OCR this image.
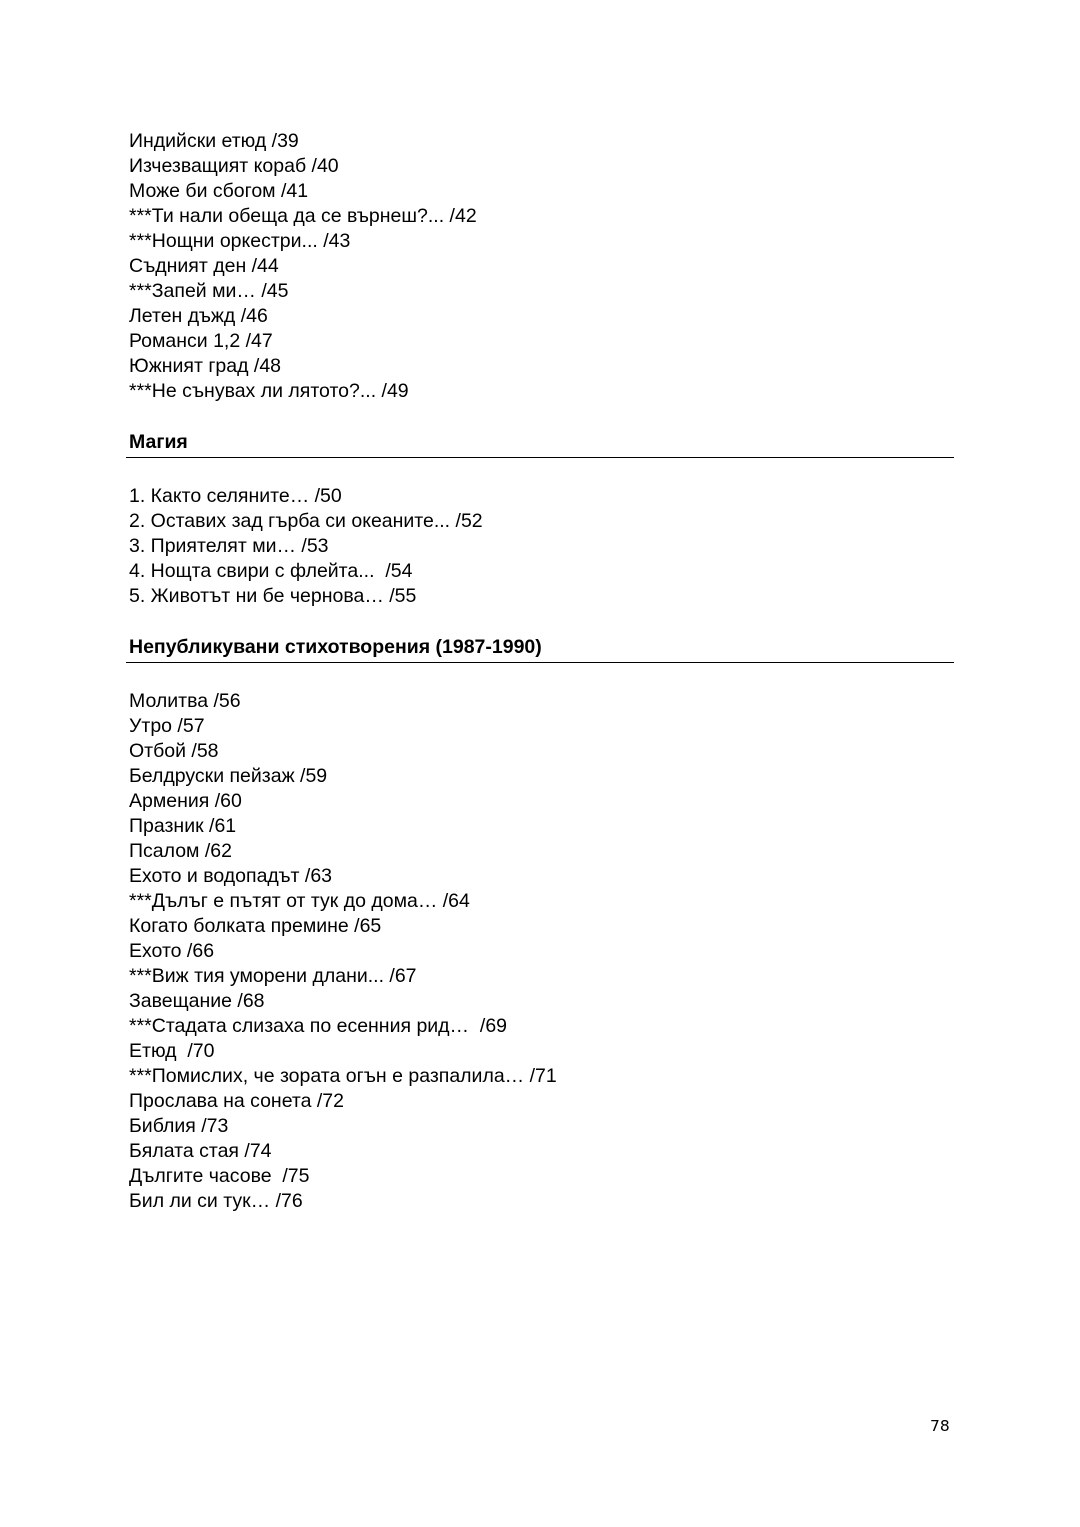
Индийски етюд /39
Изчезващият кораб /40
Може би сбогом /41
***Ти нали обеща да се върнеш?... /42
***Нощни оркестри... /43
Съдният ден /44
***Запей ми… /45
Летен дъжд /46
Романси 1,2 /47
Южният град /48
***Не сънувах ли лятото?... /49
Магия
1. Както селяните… /50
2. Оставих зад гърба си океаните... /52
3. Приятелят ми… /53
4. Нощта свири с флейта...  /54
5. Животът ни бе чернова… /55
Непубликувани стихотворения (1987-1990)
Молитва /56
Утро /57
Отбой /58
Белдруски пейзаж /59
Армения /60
Празник /61
Псалом /62
Ехото и водопадът /63
***Дълъг е пътят от тук до дома… /64
Когато болката премине /65
Ехото /66
***Виж тия уморени длани... /67
Завещание /68
***Стадата слизаха по есенния рид…  /69
Етюд  /70
***Помислих, че зората огън е разпалила… /71
Прослава на сонета /72
Библия /73
Бялата стая /74
Дългите часове  /75
Бил ли си тук… /76
78
